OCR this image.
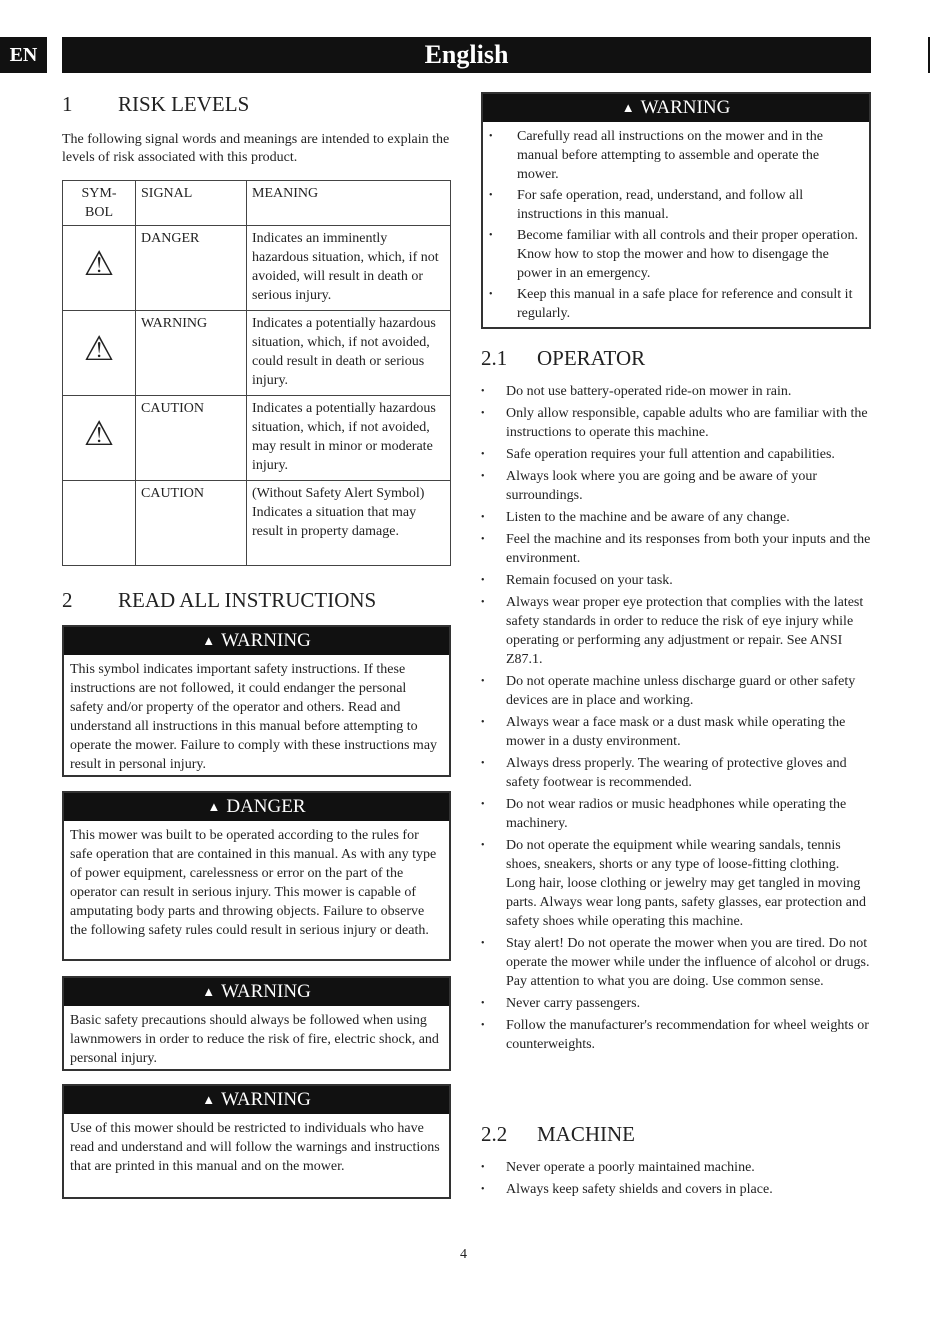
EN	English
1 RISK LEVELS
The following signal words and meanings are intended to explain the levels of risk associated with this product.
SYM-
BOL	SIGNAL	MEANING
⚠	DANGER	Indicates an imminently hazardous situation, which, if not avoided, will result in death or serious injury.
⚠	WARNING	Indicates a potentially hazardous situation, which, if not avoided, could result in death or serious injury.
⚠	CAUTION	Indicates a potentially hazardous situation, which, if not avoided, may result in minor or moderate injury.
	CAUTION	(Without Safety Alert Symbol) Indicates a situation that may result in property damage.
2 READ ALL INSTRUCTIONS
▲ WARNING
This symbol indicates important safety instructions. If these instructions are not followed, it could endanger the personal safety and/or property of the operator and others. Read and understand all instructions in this manual before attempting to operate the mower. Failure to comply with these instructions may result in personal injury.
▲ DANGER
This mower was built to be operated according to the rules for safe operation that are contained in this manual. As with any type of power equipment, carelessness or error on the part of the operator can result in serious injury. This mower is capable of amputating body parts and throwing objects. Failure to observe the following safety rules could result in serious injury or death.
▲ WARNING
Basic safety precautions should always be followed when using lawnmowers in order to reduce the risk of fire, electric shock, and personal injury.
▲ WARNING
Use of this mower should be restricted to individuals who have read and understand and will follow the warnings and instructions that are printed in this manual and on the mower.
▲ WARNING
• Carefully read all instructions on the mower and in the manual before attempting to assemble and operate the mower.
• For safe operation, read, understand, and follow all instructions in this manual.
• Become familiar with all controls and their proper operation. Know how to stop the mower and how to disengage the power in an emergency.
• Keep this manual in a safe place for reference and consult it regularly.
2.1 OPERATOR
• Do not use battery-operated ride-on mower in rain.
• Only allow responsible, capable adults who are familiar with the instructions to operate this machine.
• Safe operation requires your full attention and capabilities.
• Always look where you are going and be aware of your surroundings.
• Listen to the machine and be aware of any change.
• Feel the machine and its responses from both your inputs and the environment.
• Remain focused on your task.
• Always wear proper eye protection that complies with the latest safety standards in order to reduce the risk of eye injury while operating or performing any adjustment or repair. See ANSI Z87.1.
• Do not operate machine unless discharge guard or other safety devices are in place and working.
• Always wear a face mask or a dust mask while operating the mower in a dusty environment.
• Always dress properly. The wearing of protective gloves and safety footwear is recommended.
• Do not wear radios or music headphones while operating the machinery.
• Do not operate the equipment while wearing sandals, tennis shoes, sneakers, shorts or any type of loose-fitting clothing. Long hair, loose clothing or jewelry may get tangled in moving parts. Always wear long pants, safety glasses, ear protection and safety shoes while operating this machine.
• Stay alert! Do not operate the mower when you are tired. Do not operate the mower while under the influence of alcohol or drugs. Pay attention to what you are doing. Use common sense.
• Never carry passengers.
• Follow the manufacturer's recommendation for wheel weights or counterweights.
2.2 MACHINE
• Never operate a poorly maintained machine.
• Always keep safety shields and covers in place.
4
